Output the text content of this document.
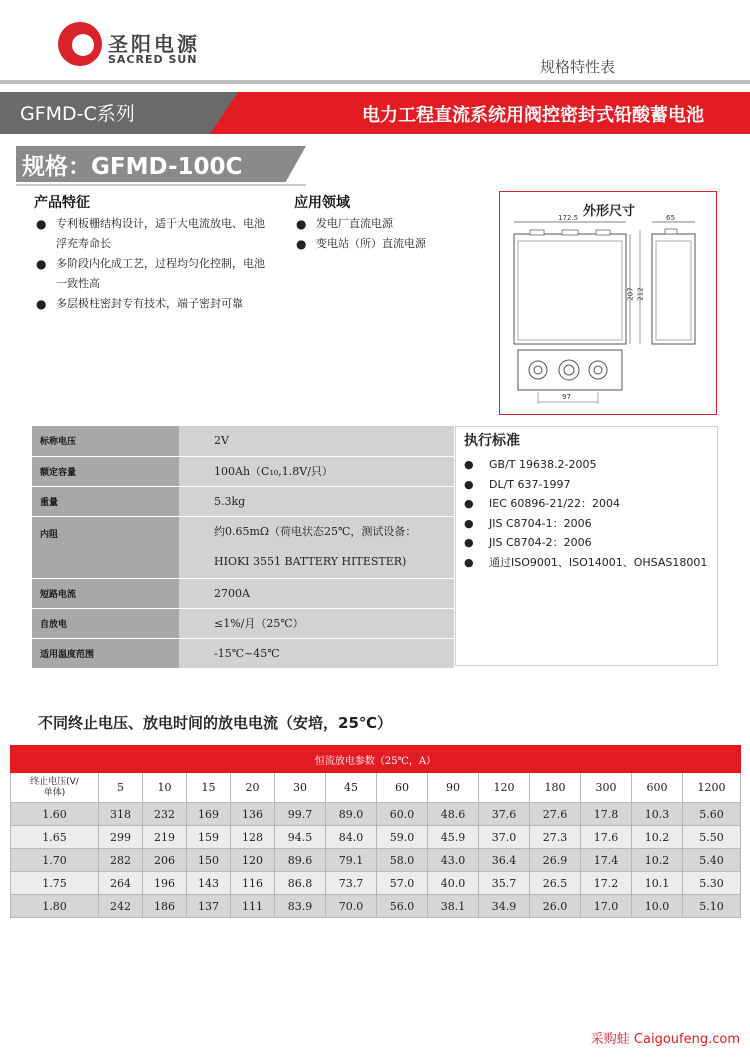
圣阳电源
SACRED SUN	规格特性表
GFMD-C系列	电力工程直流系统用阀控密封式铅酸蓄电池
规格：GFMD-100C
产品特征
● 专利板栅结构设计，适于大电流放电、电池浮充寿命长
● 多阶段内化成工艺，过程均匀化控制，电池一致性高
● 多层极柱密封专有技术，端子密封可靠
应用领域
● 发电厂直流电源
● 变电站（所）直流电源
外形尺寸
172.5	65
207 212
97
标称电压	2V
额定容量	100Ah（C₁₀,1.8V/只）
重量	5.3kg
内阻	约0.65mΩ（荷电状态25℃，测试设备：
HIOKI 3551 BATTERY HITESTER)

短路电流	2700A
自放电	≤1%/月（25℃）
适用温度范围	-15℃~45℃
执行标准
● GB/T 19638.2-2005
● DL/T 637-1997
● IEC 60896-21/22：2004
● JIS C8704-1：2006
● JIS C8704-2：2006
● 通过ISO9001、ISO14001、OHSAS18001
不同终止电压、放电时间的放电电流（安培，25℃）
恒流放电参数（25℃，A）													

终止电压(V/
单体)	5	10	15	20	30	45	60	90	120	180	300	600	1200
1.60	318	232	169	136	99.7	89.0	60.0	48.6	37.6	27.6	17.8	10.3	5.60
1.65	299	219	159	128	94.5	84.0	59.0	45.9	37.0	27.3	17.6	10.2	5.50
1.70	282	206	150	120	89.6	79.1	58.0	43.0	36.4	26.9	17.4	10.2	5.40
1.75	264	196	143	116	86.8	73.7	57.0	40.0	35.7	26.5	17.2	10.1	5.30
1.80	242	186	137	111	83.9	70.0	56.0	38.1	34.9	26.0	17.0	10.0	5.10
采购蛙 Caigoufeng.com
